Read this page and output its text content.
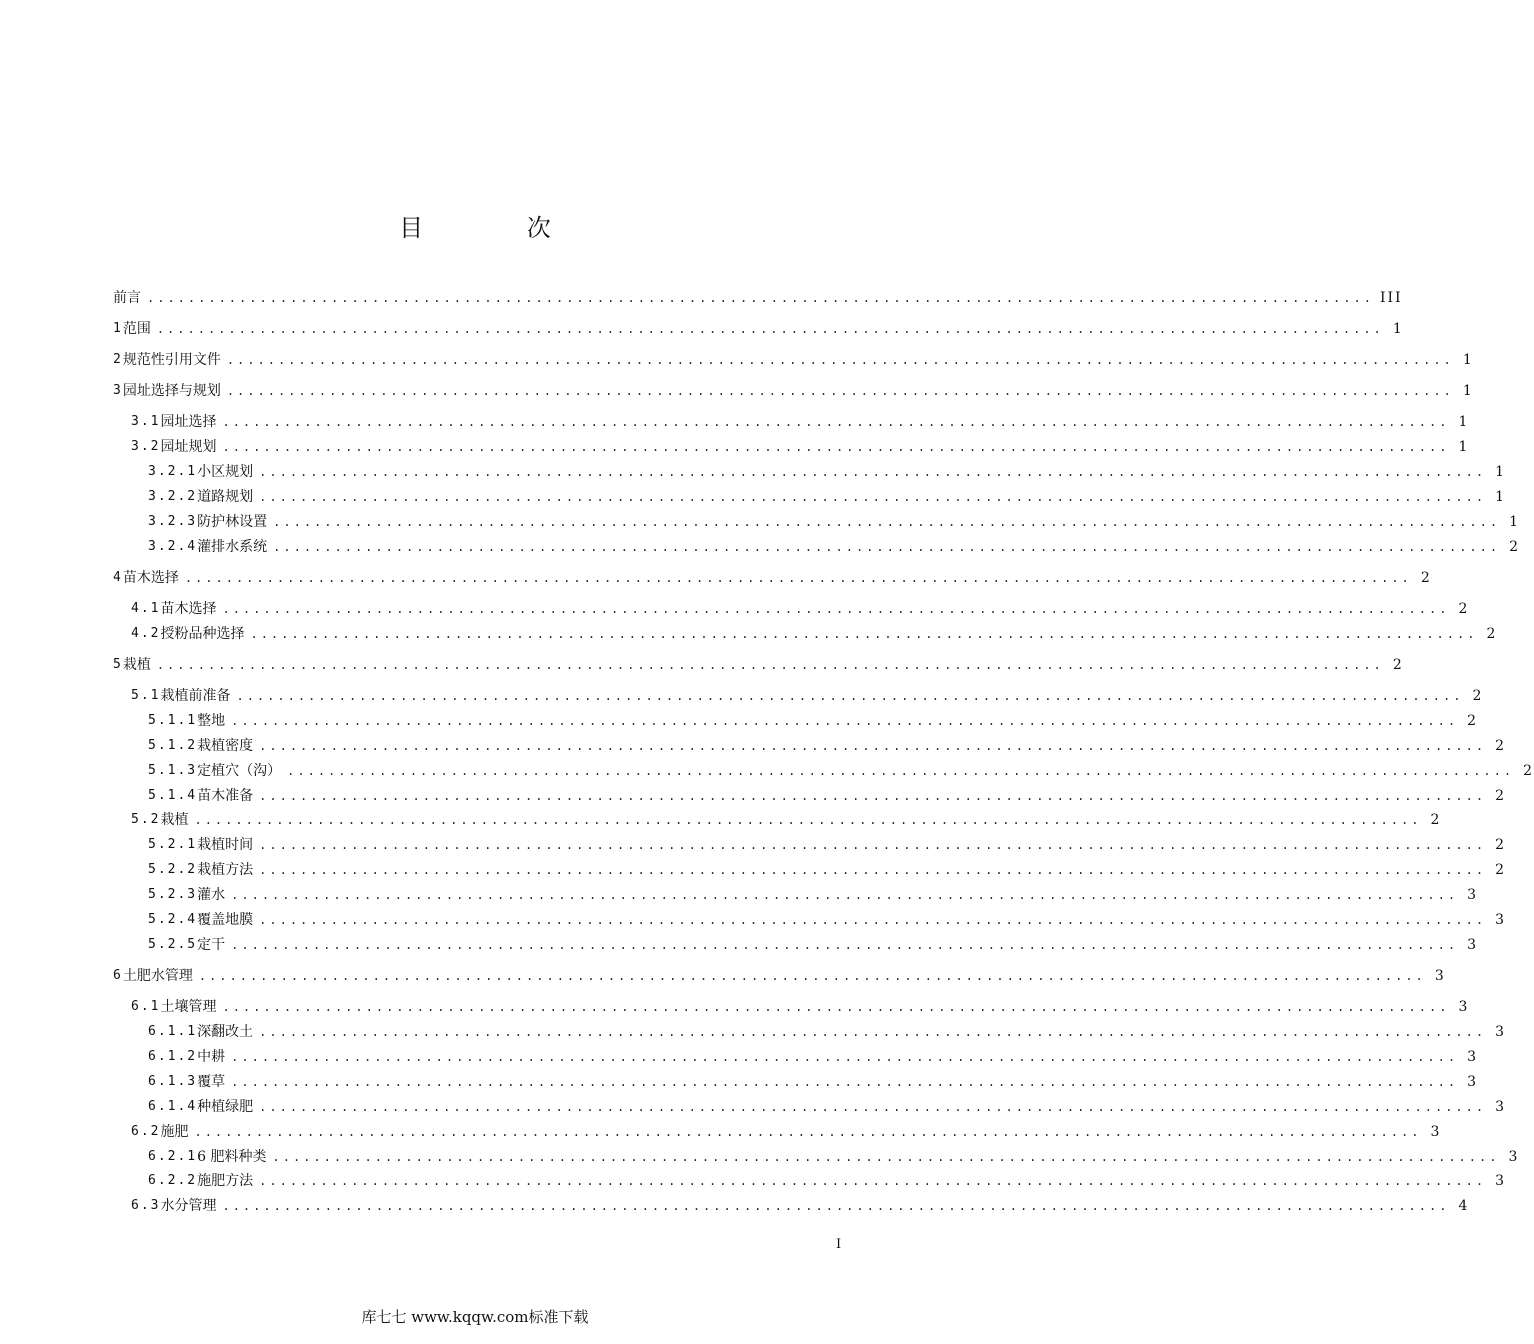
目 次
前言 ........................................................................................................................ III
1 范围 ........................................................................................................................ 1
2 规范性引用文件 ........................................................................................................................ 1
3 园址选择与规划 ........................................................................................................................ 1
3.1 园址选择 ........................................................................................................................ 1
3.2 园址规划 ........................................................................................................................ 1
3.2.1 小区规划 ........................................................................................................................ 1
3.2.2 道路规划 ........................................................................................................................ 1
3.2.3 防护林设置 ........................................................................................................................ 1
3.2.4 灌排水系统 ........................................................................................................................ 2
4 苗木选择 ........................................................................................................................ 2
4.1 苗木选择 ........................................................................................................................ 2
4.2 授粉品种选择 ........................................................................................................................ 2
5 栽植 ........................................................................................................................ 2
5.1 栽植前准备 ........................................................................................................................ 2
5.1.1 整地 ........................................................................................................................ 2
5.1.2 栽植密度 ........................................................................................................................ 2
5.1.3 定植穴（沟） ........................................................................................................................ 2
5.1.4 苗木准备 ........................................................................................................................ 2
5.2 栽植 ........................................................................................................................ 2
5.2.1 栽植时间 ........................................................................................................................ 2
5.2.2 栽植方法 ........................................................................................................................ 2
5.2.3 灌水 ........................................................................................................................ 3
5.2.4 覆盖地膜 ........................................................................................................................ 3
5.2.5 定干 ........................................................................................................................ 3
6 土肥水管理 ........................................................................................................................ 3
6.1 土壤管理 ........................................................................................................................ 3
6.1.1 深翻改土 ........................................................................................................................ 3
6.1.2 中耕 ........................................................................................................................ 3
6.1.3 覆草 ........................................................................................................................ 3
6.1.4 种植绿肥 ........................................................................................................................ 3
6.2 施肥 ........................................................................................................................ 3
6.2.1 6 肥料种类 ........................................................................................................................ 3
6.2.2 施肥方法 ........................................................................................................................ 3
6.3 水分管理 ........................................................................................................................ 4
I
库七七 www.kqqw.com标准下载
